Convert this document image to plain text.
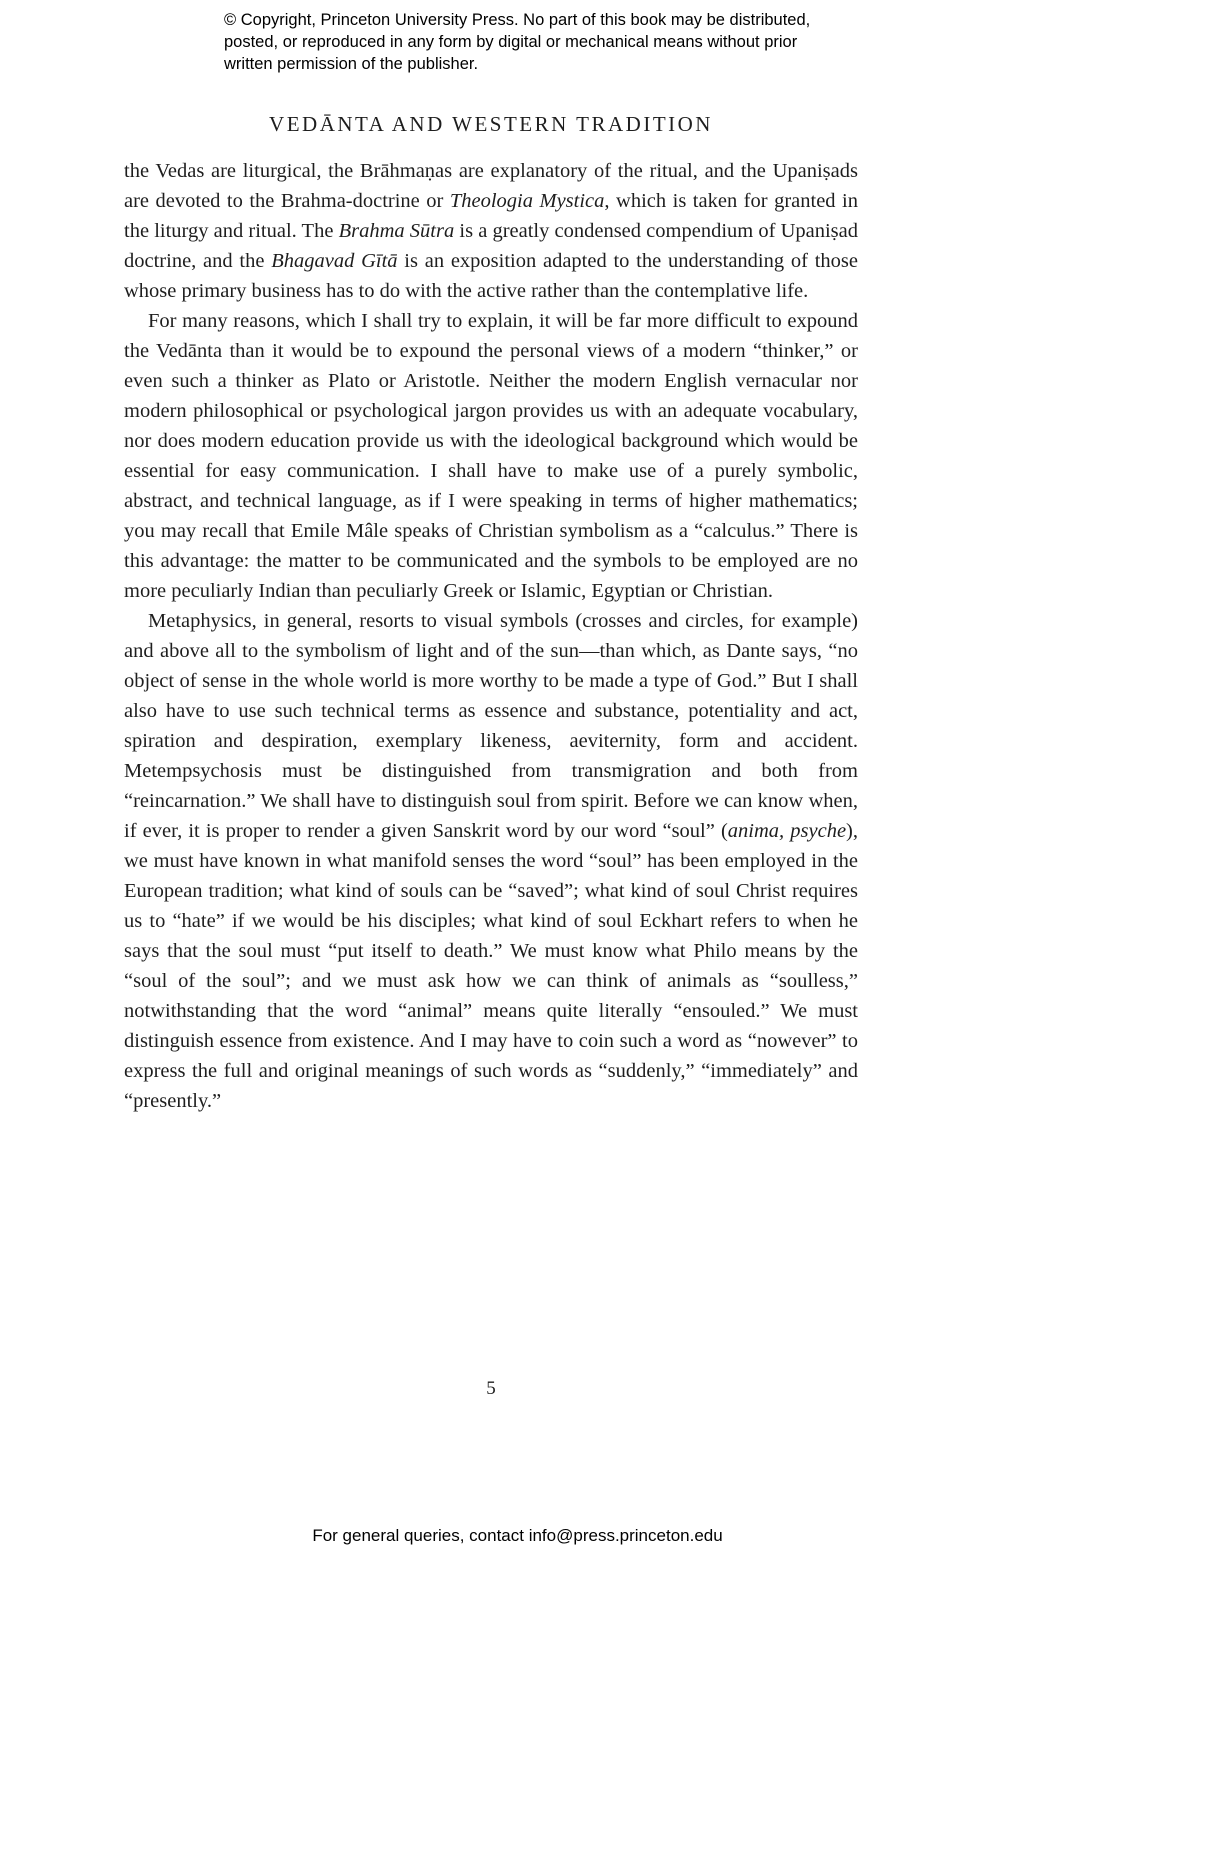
© Copyright, Princeton University Press. No part of this book may be distributed, posted, or reproduced in any form by digital or mechanical means without prior written permission of the publisher.
VEDĀNTA AND WESTERN TRADITION

the Vedas are liturgical, the Brāhmaṇas are explanatory of the ritual, and the Upaniṣads are devoted to the Brahma-doctrine or Theologia Mystica, which is taken for granted in the liturgy and ritual. The Brahma Sūtra is a greatly condensed compendium of Upaniṣad doctrine, and the Bhagavad Gītā is an exposition adapted to the understanding of those whose primary business has to do with the active rather than the contemplative life.

For many reasons, which I shall try to explain, it will be far more difficult to expound the Vedānta than it would be to expound the personal views of a modern “thinker,” or even such a thinker as Plato or Aristotle. Neither the modern English vernacular nor modern philosophical or psychological jargon provides us with an adequate vocabulary, nor does modern education provide us with the ideological background which would be essential for easy communication. I shall have to make use of a purely symbolic, abstract, and technical language, as if I were speaking in terms of higher mathematics; you may recall that Emile Mâle speaks of Christian symbolism as a “calculus.” There is this advantage: the matter to be communicated and the symbols to be employed are no more peculiarly Indian than peculiarly Greek or Islamic, Egyptian or Christian.

Metaphysics, in general, resorts to visual symbols (crosses and circles, for example) and above all to the symbolism of light and of the sun—than which, as Dante says, “no object of sense in the whole world is more worthy to be made a type of God.” But I shall also have to use such technical terms as essence and substance, potentiality and act, spiration and despiration, exemplary likeness, aeviternity, form and accident. Metempsychosis must be distinguished from transmigration and both from “reincarnation.” We shall have to distinguish soul from spirit. Before we can know when, if ever, it is proper to render a given Sanskrit word by our word “soul” (anima, psyche), we must have known in what manifold senses the word “soul” has been employed in the European tradition; what kind of souls can be “saved”; what kind of soul Christ requires us to “hate” if we would be his disciples; what kind of soul Eckhart refers to when he says that the soul must “put itself to death.” We must know what Philo means by the “soul of the soul”; and we must ask how we can think of animals as “soulless,” notwithstanding that the word “animal” means quite literally “ensouled.” We must distinguish essence from existence. And I may have to coin such a word as “nowever” to express the full and original meanings of such words as “suddenly,” “immediately” and “presently.”

5
For general queries, contact info@press.princeton.edu
